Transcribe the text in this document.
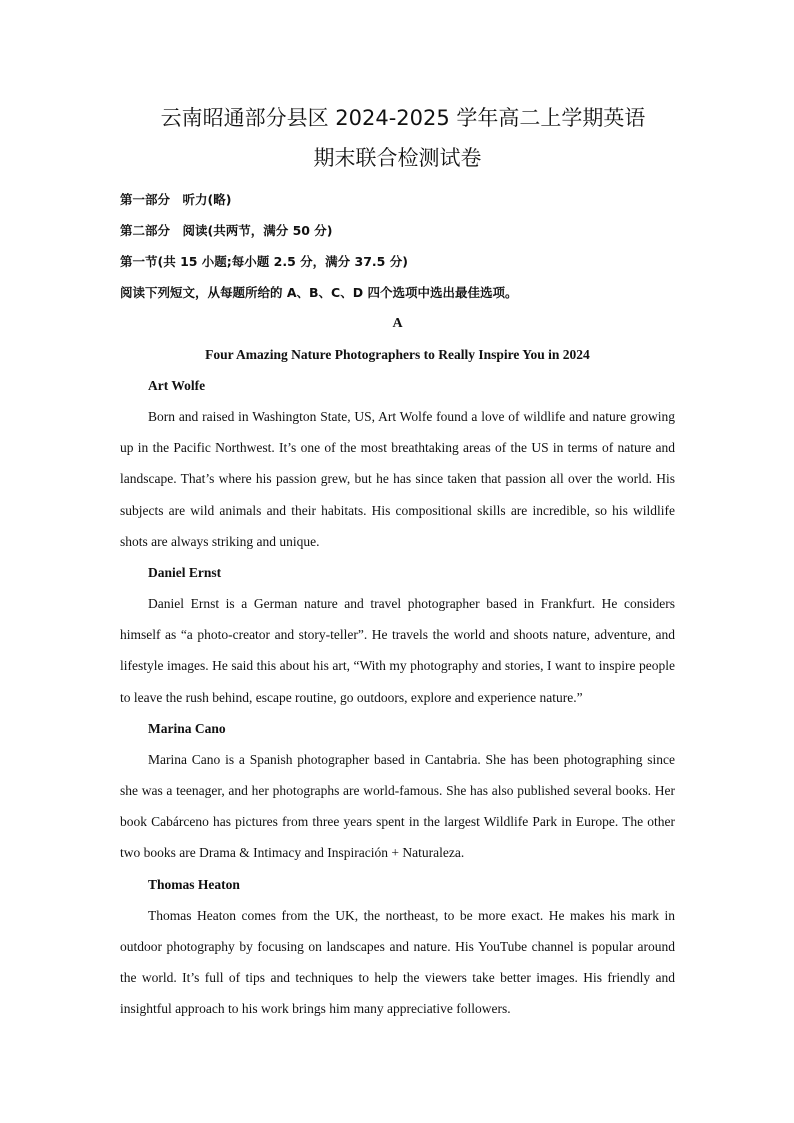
云南昭通部分县区 2024-2025 学年高二上学期英语
期末联合检测试卷

第一部分　听力(略)

第二部分　阅读(共两节，满分 50 分)

第一节(共 15 小题;每小题 2.5 分，满分 37.5 分)

阅读下列短文，从每题所给的 A、B、C、D 四个选项中选出最佳选项。

A

Four Amazing Nature Photographers to Really Inspire You in 2024

Art Wolfe

Born and raised in Washington State, US, Art Wolfe found a love of wildlife and nature growing up in the Pacific Northwest. It’s one of the most breathtaking areas of the US in terms of nature and landscape. That’s where his passion grew, but he has since taken that passion all over the world. His subjects are wild animals and their habitats. His compositional skills are incredible, so his wildlife shots are always striking and unique.

Daniel Ernst

Daniel Ernst is a German nature and travel photographer based in Frankfurt. He considers himself as “a photo-creator and story-teller”. He travels the world and shoots nature, adventure, and lifestyle images. He said this about his art, “With my photography and stories, I want to inspire people to leave the rush behind, escape routine, go outdoors, explore and experience nature.”

Marina Cano

Marina Cano is a Spanish photographer based in Cantabria. She has been photographing since she was a teenager, and her photographs are world-famous. She has also published several books. Her book Cabárceno has pictures from three years spent in the largest Wildlife Park in Europe. The other two books are Drama & Intimacy and Inspiración + Naturaleza.

Thomas Heaton

Thomas Heaton comes from the UK, the northeast, to be more exact. He makes his mark in outdoor photography by focusing on landscapes and nature. His YouTube channel is popular around the world. It’s full of tips and techniques to help the viewers take better images. His friendly and insightful approach to his work brings him many appreciative followers.
